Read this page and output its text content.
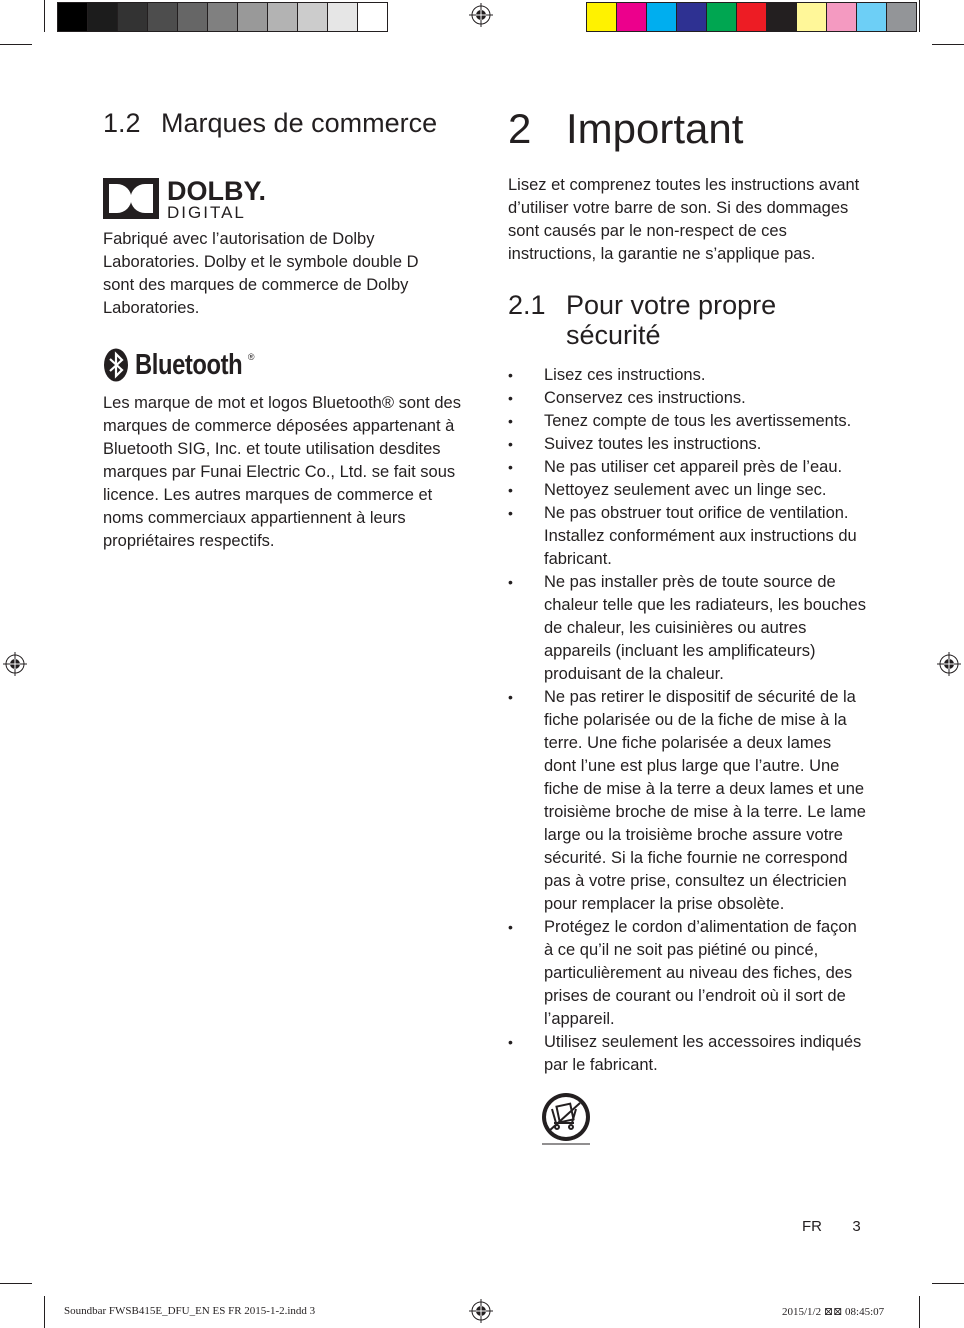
1.2 Marques de commerce
DOLBY.
DIGITAL

Fabriqué avec l’autorisation de Dolby Laboratories. Dolby et le symbole double D sont des marques de commerce de Dolby Laboratories.

Bluetooth ®

Les marque de mot et logos Bluetooth® sont des marques de commerce déposées appartenant à Bluetooth SIG, Inc. et toute utilisation desdites marques par Funai Electric Co., Ltd. se fait sous licence. Les autres marques de commerce et noms commerciaux appartiennent à leurs propriétaires respectifs.

2 Important

Lisez et comprenez toutes les instructions avant d’utiliser votre barre de son. Si des dommages sont causés par le non-respect de ces instructions, la garantie ne s’applique pas.

2.1 Pour votre propre
sécurité
• Lisez ces instructions.
• Conservez ces instructions.
• Tenez compte de tous les avertissements.
• Suivez toutes les instructions.
• Ne pas utiliser cet appareil près de l’eau.
• Nettoyez seulement avec un linge sec.
• Ne pas obstruer tout orifice de ventilation. Installez conformément aux instructions du fabricant.
• Ne pas installer près de toute source de chaleur telle que les radiateurs, les bouches de chaleur, les cuisinières ou autres appareils (incluant les amplificateurs) produisant de la chaleur.
• Ne pas retirer le dispositif de sécurité de la fiche polarisée ou de la fiche de mise à la terre. Une fiche polarisée a deux lames dont l’une est plus large que l’autre. Une fiche de mise à la terre a deux lames et une troisième broche de mise à la terre. Le lame large ou la troisième broche assure votre sécurité. Si la fiche fournie ne correspond pas à votre prise, consultez un électricien pour remplacer la prise obsolète.
• Protégez le cordon d’alimentation de façon à ce qu’il ne soit pas piétiné ou pincé, particulièrement au niveau des fiches, des prises de courant ou l’endroit où il sort de l’appareil.
• Utilisez seulement les accessoires indiqués par le fabricant.
FR 3
Soundbar FWSB415E_DFU_EN ES FR 2015-1-2.indd 3	2015/1/2 ⊠⊠ 08:45:07
